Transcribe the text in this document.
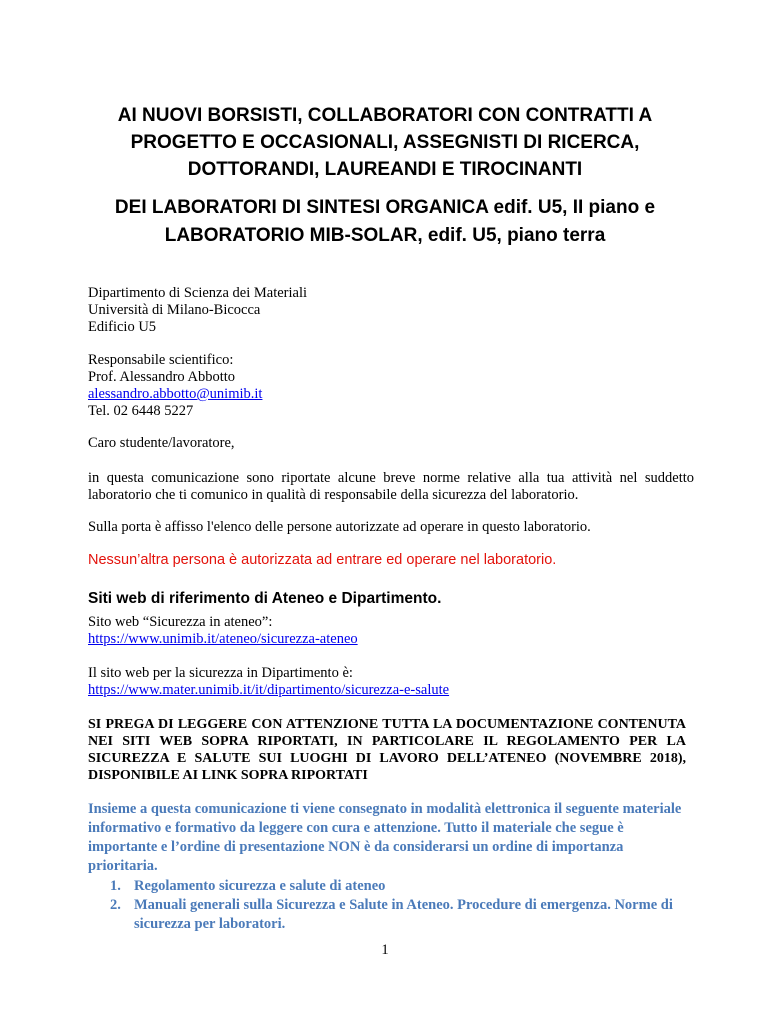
AI NUOVI BORSISTI, COLLABORATORI CON CONTRATTI A
PROGETTO E OCCASIONALI, ASSEGNISTI DI RICERCA,
DOTTORANDI, LAUREANDI E TIROCINANTI
DEI LABORATORI DI SINTESI ORGANICA edif. U5, II piano e
LABORATORIO MIB-SOLAR, edif. U5, piano terra
Dipartimento di Scienza dei Materiali
Università di Milano-Bicocca
Edificio U5
Responsabile scientifico:
Prof. Alessandro Abbotto
alessandro.abbotto@unimib.it
Tel. 02 6448 5227
Caro studente/lavoratore,
in questa comunicazione sono riportate alcune breve norme relative alla tua attività nel suddetto laboratorio che ti comunico in qualità di responsabile della sicurezza del laboratorio.
Sulla porta è affisso l'elenco delle persone autorizzate ad operare in questo laboratorio.
Nessun’altra persona è autorizzata ad entrare ed operare nel laboratorio.
Siti web di riferimento di Ateneo e Dipartimento.
Sito web “Sicurezza in ateneo”:
https://www.unimib.it/ateneo/sicurezza-ateneo
Il sito web per la sicurezza in Dipartimento è:
https://www.mater.unimib.it/it/dipartimento/sicurezza-e-salute
SI PREGA DI LEGGERE CON ATTENZIONE TUTTA LA DOCUMENTAZIONE CONTENUTA NEI SITI WEB SOPRA RIPORTATI, IN PARTICOLARE IL REGOLAMENTO PER LA SICUREZZA E SALUTE SUI LUOGHI DI LAVORO DELL’ATENEO (NOVEMBRE 2018), DISPONIBILE AI LINK SOPRA RIPORTATI
Insieme a questa comunicazione ti viene consegnato in modalità elettronica il seguente materiale informativo e formativo da leggere con cura e attenzione. Tutto il materiale che segue è importante e l’ordine di presentazione NON è da considerarsi un ordine di importanza prioritaria.
1. Regolamento sicurezza e salute di ateneo
2. Manuali generali sulla Sicurezza e Salute in Ateneo. Procedure di emergenza. Norme di sicurezza per laboratori.
1
